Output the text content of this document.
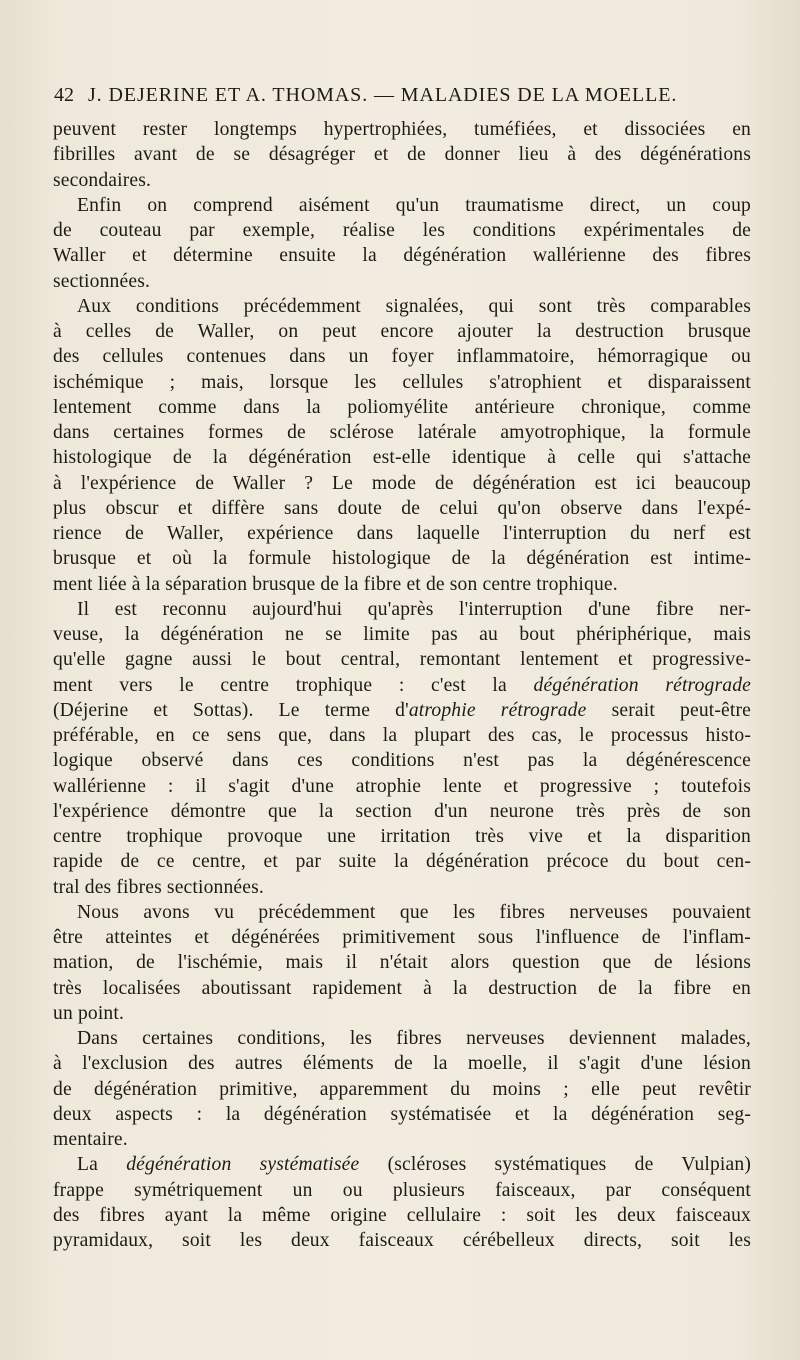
42 J. DEJERINE ET A. THOMAS. — MALADIES DE LA MOELLE.
peuvent rester longtemps hypertrophiées, tuméfiées, et dissociées en
fibrilles avant de se désagréger et de donner lieu à des dégénérations
secondaires.
Enfin on comprend aisément qu'un traumatisme direct, un coup
de couteau par exemple, réalise les conditions expérimentales de
Waller et détermine ensuite la dégénération wallérienne des fibres
sectionnées.
Aux conditions précédemment signalées, qui sont très comparables
à celles de Waller, on peut encore ajouter la destruction brusque
des cellules contenues dans un foyer inflammatoire, hémorragique ou
ischémique ; mais, lorsque les cellules s'atrophient et disparaissent
lentement comme dans la poliomyélite antérieure chronique, comme
dans certaines formes de sclérose latérale amyotrophique, la formule
histologique de la dégénération est-elle identique à celle qui s'attache
à l'expérience de Waller ? Le mode de dégénération est ici beaucoup
plus obscur et diffère sans doute de celui qu'on observe dans l'expé-
rience de Waller, expérience dans laquelle l'interruption du nerf est
brusque et où la formule histologique de la dégénération est intime-
ment liée à la séparation brusque de la fibre et de son centre trophique.
Il est reconnu aujourd'hui qu'après l'interruption d'une fibre ner-
veuse, la dégénération ne se limite pas au bout phériphérique, mais
qu'elle gagne aussi le bout central, remontant lentement et progressive-
ment vers le centre trophique : c'est la dégénération rétrograde
(Déjerine et Sottas). Le terme d'atrophie rétrograde serait peut-être
préférable, en ce sens que, dans la plupart des cas, le processus histo-
logique observé dans ces conditions n'est pas la dégénérescence
wallérienne : il s'agit d'une atrophie lente et progressive ; toutefois
l'expérience démontre que la section d'un neurone très près de son
centre trophique provoque une irritation très vive et la disparition
rapide de ce centre, et par suite la dégénération précoce du bout cen-
tral des fibres sectionnées.
Nous avons vu précédemment que les fibres nerveuses pouvaient
être atteintes et dégénérées primitivement sous l'influence de l'inflam-
mation, de l'ischémie, mais il n'était alors question que de lésions
très localisées aboutissant rapidement à la destruction de la fibre en
un point.
Dans certaines conditions, les fibres nerveuses deviennent malades,
à l'exclusion des autres éléments de la moelle, il s'agit d'une lésion
de dégénération primitive, apparemment du moins ; elle peut revêtir
deux aspects : la dégénération systématisée et la dégénération seg-
mentaire.
La dégénération systématisée (scléroses systématiques de Vulpian)
frappe symétriquement un ou plusieurs faisceaux, par conséquent
des fibres ayant la même origine cellulaire : soit les deux faisceaux
pyramidaux, soit les deux faisceaux cérébelleux directs, soit les
